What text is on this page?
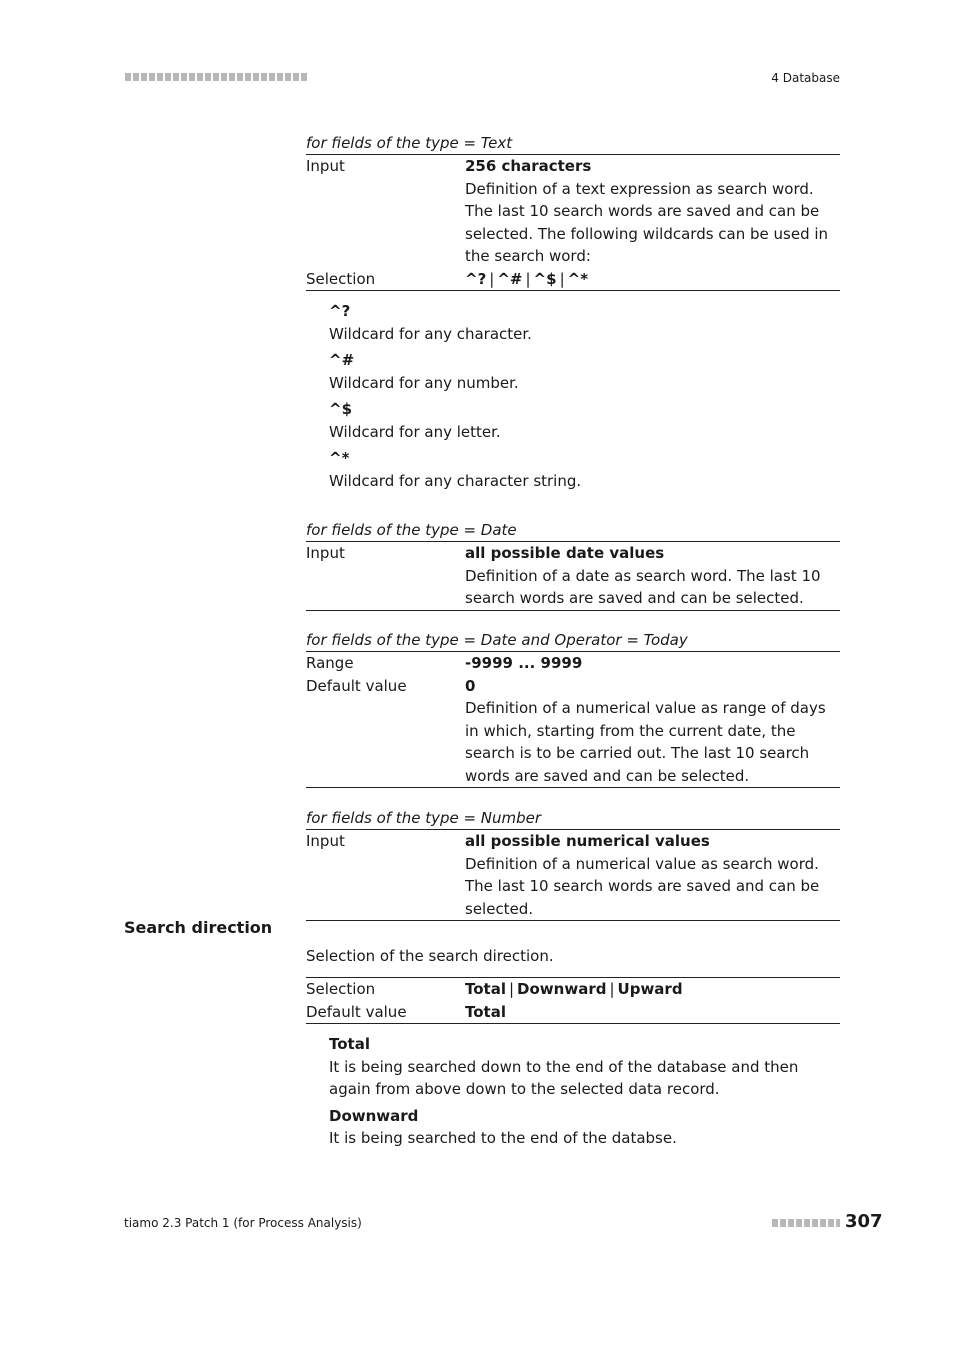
4 Database
for fields of the type = Text
Input	256 characters
Definition of a text expression as search word. The last 10 search words are saved and can be selected. The following wildcards can be used in the search word:
Selection	^? | ^# | ^$ | ^*
^?
Wildcard for any character.
^#
Wildcard for any number.
^$
Wildcard for any letter.
^*
Wildcard for any character string.
for fields of the type = Date
Input	all possible date values
Definition of a date as search word. The last 10 search words are saved and can be selected.
for fields of the type = Date and Operator = Today
Range	-9999 ... 9999
Default value	0
Definition of a numerical value as range of days in which, starting from the current date, the search is to be carried out. The last 10 search words are saved and can be selected.
for fields of the type = Number
Input	all possible numerical values
Definition of a numerical value as search word. The last 10 search words are saved and can be selected.
Search direction
Selection of the search direction.
Selection	Total | Downward | Upward
Default value	Total
Total
It is being searched down to the end of the database and then again from above down to the selected data record.
Downward
It is being searched to the end of the databse.
tiamo 2.3 Patch 1 (for Process Analysis)	307
